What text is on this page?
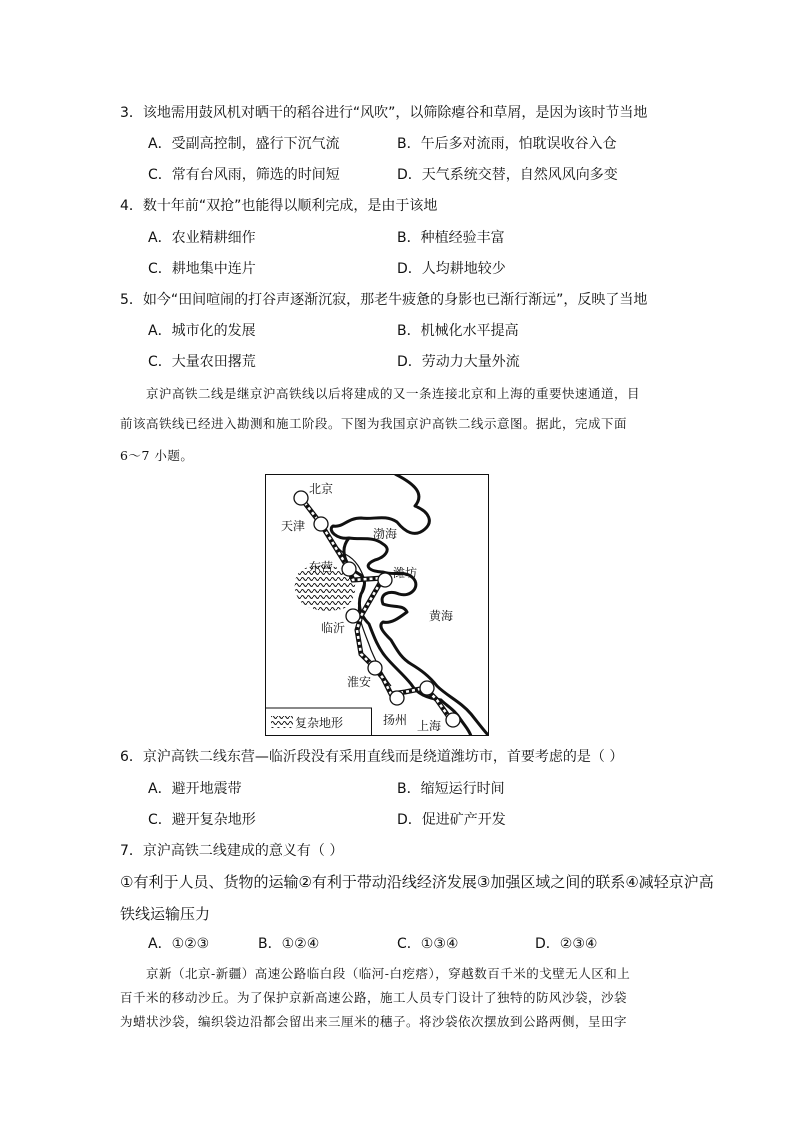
3．该地需用鼓风机对晒干的稻谷进行“风吹”，以筛除瘪谷和草屑，是因为该时节当地
A．受副高控制，盛行下沉气流	B．午后多对流雨，怕耽误收谷入仓
C．常有台风雨，筛选的时间短	D．天气系统交替，自然风风向多变
4．数十年前“双抢”也能得以顺利完成，是由于该地
A．农业精耕细作	B．种植经验丰富
C．耕地集中连片	D．人均耕地较少
5．如今“田间喧闹的打谷声逐渐沉寂，那老牛疲惫的身影也已渐行渐远”，反映了当地
A．城市化的发展	B．机械化水平提高
C．大量农田撂荒	D．劳动力大量外流
京沪高铁二线是继京沪高铁线以后将建成的又一条连接北京和上海的重要快速通道，目
前该高铁线已经进入勘测和施工阶段。下图为我国京沪高铁二线示意图。据此，完成下面
6～7 小题。
北京
天津
东营	潍坊
临沂
淮安
扬州 上海
渤海
黄海
复杂地形
6．京沪高铁二线东营—临沂段没有采用直线而是绕道潍坊市，首要考虑的是（ ）
A．避开地震带	B．缩短运行时间
C．避开复杂地形	D．促进矿产开发
7．京沪高铁二线建成的意义有（ ）
①有利于人员、货物的运输②有利于带动沿线经济发展③加强区域之间的联系④减轻京沪高
铁线运输压力
A．①②③	B．①②④	C．①③④	D．②③④
京新（北京-新疆）高速公路临白段（临河-白疙瘩），穿越数百千米的戈壁无人区和上
百千米的移动沙丘。为了保护京新高速公路，施工人员专门设计了独特的防风沙袋，沙袋
为蜡状沙袋，编织袋边沿都会留出来三厘米的穗子。将沙袋依次摆放到公路两侧，呈田字
